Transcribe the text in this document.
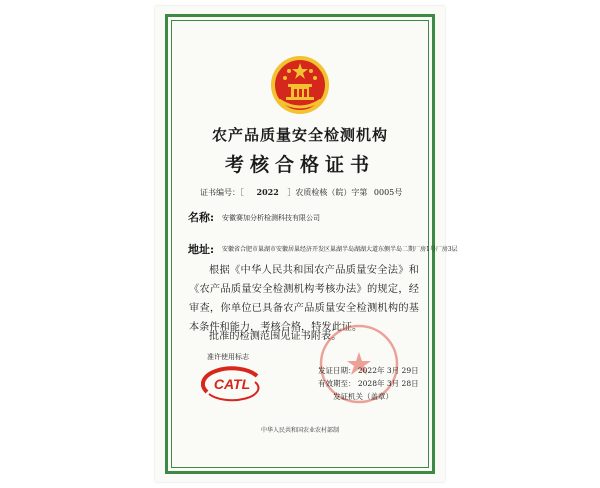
农产品质量安全检测机构
考核合格证书
证书编号：［ 2022 ］农质检核（皖）字第 0005号
名称: 安徽赛加分析检测科技有限公司
地址: 安徽省合肥市巢湖市安徽居巢经济开发区巢湖半岛湖湖大道东侧半岛二期厂房1号厂房3层

根据《中华人民共和国农产品质量安全法》和《农产品质量安全检测机构考核办法》的规定，经审查，你单位已具备农产品质量安全检测机构的基本条件和能力，考核合格，特发此证。

批准的检测范围见证书附表。

准许使用标志
CATL
发证日期： 2022年 3月 29日
有效期至： 2028年 3月 28日
发证机关（盖章）
中华人民共和国农业农村部制
